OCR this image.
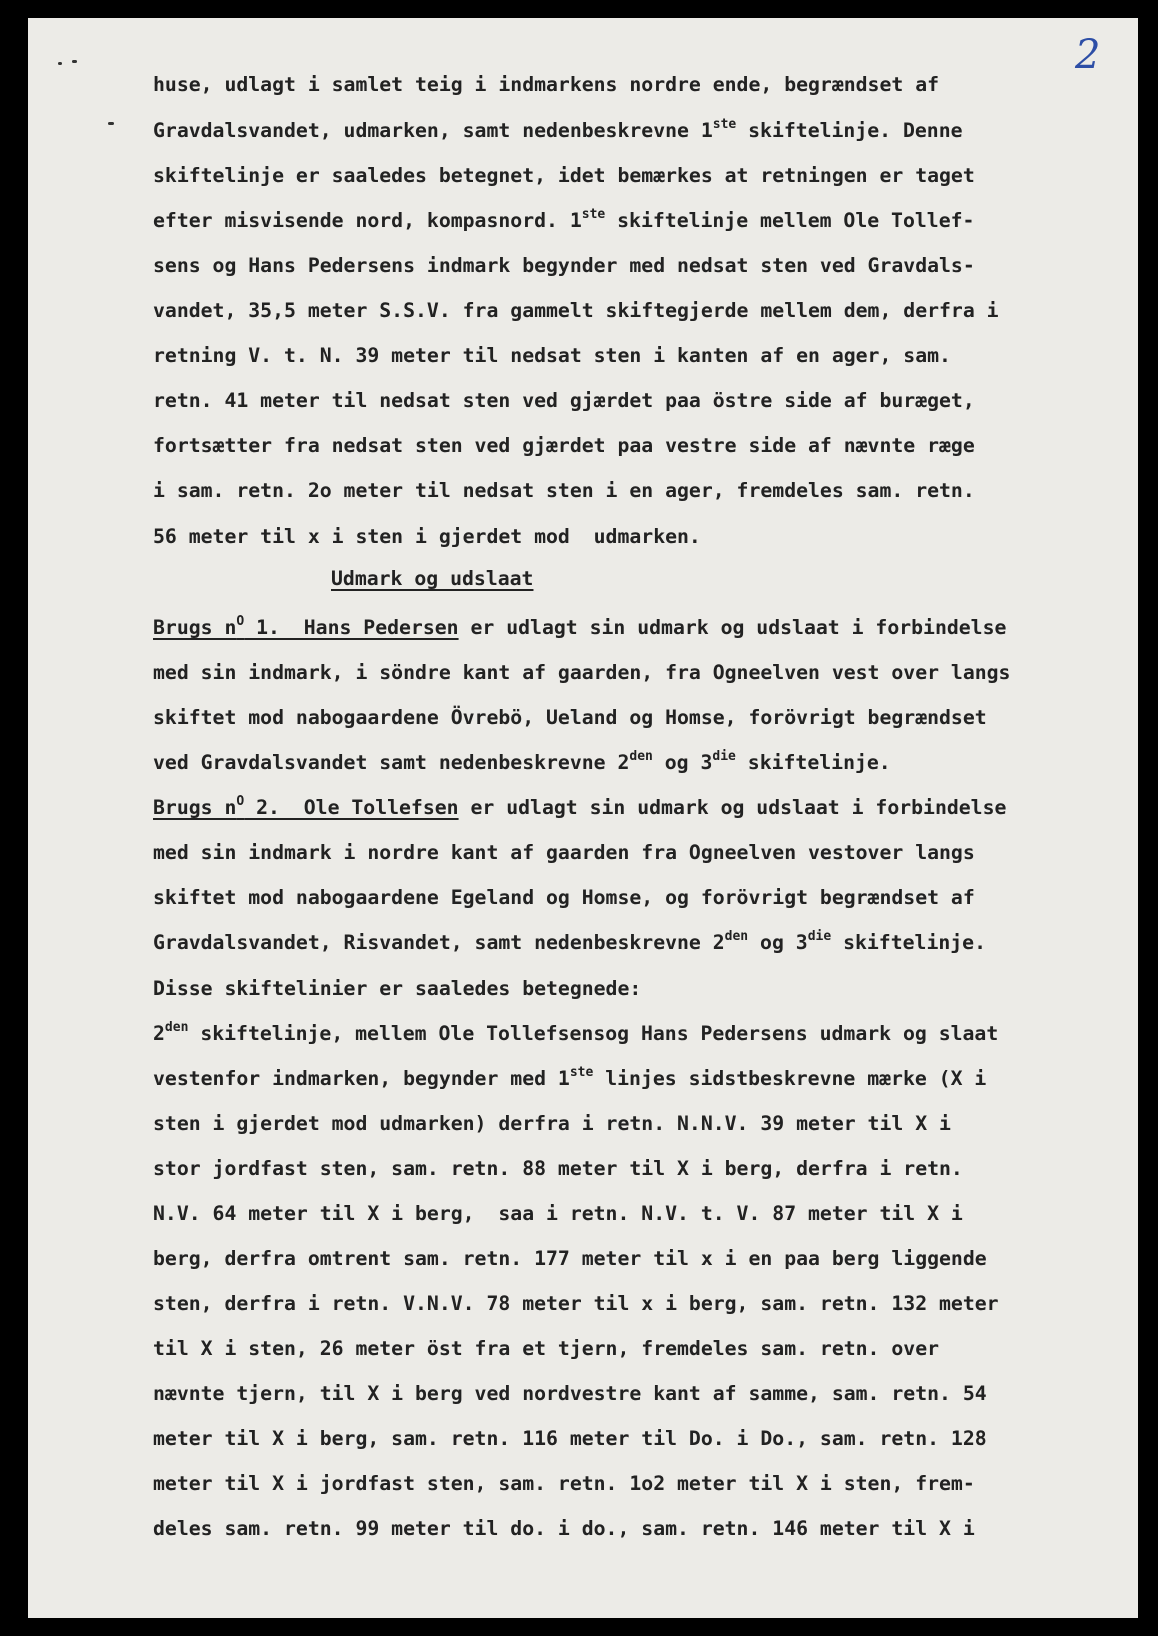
2
Udmark og udslaat
huse, udlagt i samlet teig i indmarkens nordre ende, begrændset af
Gravdalsvandet, udmarken, samt nedenbeskrevne 1ste skiftelinje. Denne
skiftelinje er saaledes betegnet, idet bemærkes at retningen er taget
efter misvisende nord, kompasnord. 1ste skiftelinje mellem Ole Tollef-
sens og Hans Pedersens indmark begynder med nedsat sten ved Gravdals-
vandet, 35,5 meter S.S.V. fra gammelt skiftegjerde mellem dem, derfra i
retning V. t. N. 39 meter til nedsat sten i kanten af en ager, sam.
retn. 41 meter til nedsat sten ved gjærdet paa östre side af buræget,
fortsætter fra nedsat sten ved gjærdet paa vestre side af nævnte ræge
i sam. retn. 2o meter til nedsat sten i en ager, fremdeles sam. retn.
56 meter til x i sten i gjerdet mod  udmarken.
Brugs $n^O$ 1.  Hans Pedersen er udlagt sin udmark og udslaat i forbindelse
med sin indmark, i söndre kant af gaarden, fra Ogneelven vest over langs
skiftet mod nabogaardene Övrebö, Ueland og Homse, forövrigt begrændset
ved Gravdalsvandet samt nedenbeskrevne $2^{den}$ og $3^{die}$ skiftelinje.
Brugs $n^O$ 2.  Ole Tollefsen er udlagt sin udmark og udslaat i forbindelse
med sin indmark i nordre kant af gaarden fra Ogneelven vestover langs
skiftet mod nabogaardene Egeland og Homse, og forövrigt begrændset af
Gravdalsvandet, Risvandet, samt nedenbeskrevne $2^{den}$ og $3^{die}$ skiftelinje.
Disse skiftelinier er saaledes betegnede:
$2^{den}$ skiftelinje, mellem Ole Tollefsensog Hans Pedersens udmark og slaat
vestenfor indmarken, begynder med 1ste linjes sidstbeskrevne mærke (X i
sten i gjerdet mod udmarken) derfra i retn. N.N.V. 39 meter til X i
stor jordfast sten, sam. retn. 88 meter til X i berg, derfra i retn.
N.V. 64 meter til X i berg,  saa i retn. N.V. t. V. 87 meter til X i
berg, derfra omtrent sam. retn. 177 meter til x i en paa berg liggende
sten, derfra i retn. V.N.V. 78 meter til x i berg, sam. retn. 132 meter
til X i sten, 26 meter öst fra et tjern, fremdeles sam. retn. over
nævnte tjern, til X i berg ved nordvestre kant af samme, sam. retn. 54
meter til X i berg, sam. retn. 116 meter til Do. i Do., sam. retn. 128
meter til X i jordfast sten, sam. retn. 1o2 meter til X i sten, frem-
deles sam. retn. 99 meter til do. i do., sam. retn. 146 meter til X i
